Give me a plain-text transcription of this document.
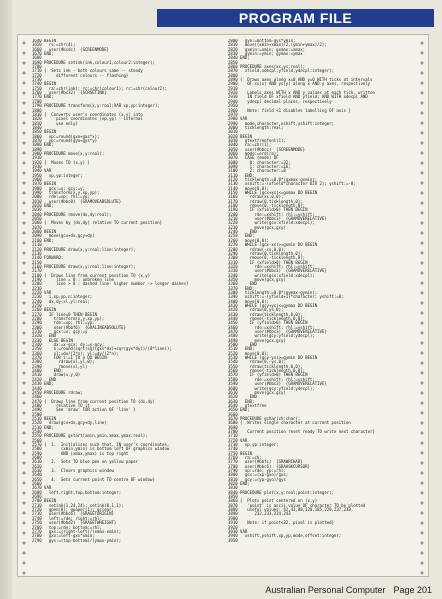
PROGRAM FILE
1640 BEGIN
1650   rs:=chr(4);
1660   user(#bcdc)  {SCREENMODE}
1670 END;
1680
1690 PROCEDURE setink(ink,colour1,colour2:integer);
1700
1710 {  Sets ink - both colours same -- steady
1720      different colours -- flashing}
1730
1740 BEGIN
1750   ra:=chr(ink); rc:=chr(colour1); rc:=chr(colour2);
1760   user(#bc32)  {SCRSETINK}
1770 END;
1780
1790 PROCEDURE transform(x,y:real;VAR xp,yp:integer);
1800
1810 {  Converts user's coordinates (x,y) into
1820      pixel coordinates (xp,yp) - internal
1830      use only}
1840
1850 BEGIN
1860   xp:=round(gxo+gxs*x);
1870   yp:=round(gyo+gys*y)
1880 END;
1890
1900 PROCEDURE move(x,y:real);
1910
1920 {  Moves TO (x,y) }
1930
1940 VAR
1950   xp,yp:integer;
1960
1970 BEGIN
1980   gcx:=x; gcy:=y;
1990   transform(x,y,xp,yp);
2000   rde:=xp; rhl:=yp;
2010   user(#bbc0)  {GRAMOVEABSOLUTE}
2020 END;
2030
2040 PROCEDURE rmove(dx,dy:real);
2050
2060 {  Moves by (dx,dy) relative TO current position}
2070
2080 BEGIN
2090   move(gcx+dx,gcy+dy)
2100 END;
2110
2120 PROCEDURE draw(x,y:real;line:integer);
2130
2140 FORWARD;
2150
2160 PROCEDURE draw(x,y:real;line:integer);
2170
2180 {  Draws line from current position TO (x,y)
2190      line = 0 : unbroken line
2200      line > 0 : dashed line- higher number -> longer dashes}
2210
2220 VAR
2230   i,xp,yp,n:integer;
2240   dx,dy,xl,yl:real;
2250
2260 BEGIN
2270   IF line=0 THEN BEGIN
2280     transform(x,y,xp,yp);
2290     rde:=xp; rhl:=yp;
2300     user(#bbf6)  {GRALINEABSOLUTE}
2310     gcx:=x; gcy:=y
2320   END
2330   ELSE BEGIN
2340     dx:=x-gcx; dy:=y-gcy;
2350     n:=round(sqrt(sqr(gxs*dx)+sqr(gys*dy))/(8*line));
2360     xl:=dx/(2*n); yl:=dy/(2*n);
2370     FOR i:=1 TO n DO BEGIN
2380       rdraw(xl,yl,0);
2390       rmove(xl,yl)
2400     END;
2410     draw(x,y,0)
2420   END
2430 END;
2440
2450 PROCEDURE rdraw;
2460
2470 {  Draws line from current position TO (dx,dy)
2480      relative TO it
2490      See 'draw' FOR action OF 'line' }
2500
2510 BEGIN
2520   draw(gcx+dx,gcy+dy,line)
2530 END;
2540
2550 PROCEDURE gstart(xmin,ymin,xmax,ymax:real);
2560
2570 {  1.  Initialises such that, IN user's coordinates,
2580        (xmin,ymin) is bottom left OF graphics window
2590        AND (xmax,ymax) is top right
2600
2610    2.  Sets TO blue pen on yellow paper
2620
2630    3.  Clears graphics window
2640
2650    4.  Sets current point TO centre OF window}
2660
2670 VAR
2680   left,right,top,bottom:integer;
2690
2700 BEGIN
2710   setink(1,24,24); setink(0,1,1);
2720   gpen(0); gpaper(1); gclear;
2730   user(#bbc6)  {GRAGETORIGIN}
2740   left:=rde; right:=rhl;
2750   user(#bbd2)  {GRAGETWHEIGHT}
2760   top:=rde; bottom:=rhl;
2770   gxs:=(right-left)/(xmax-xmin);
2780   gxo:=left-gxs*xmin;
2790   gys:=(top-bottom)/(ymax-ymin);
2800   gyo:=bottom-gys*ymin;
2810   move((xmin+xmax)/2,(ymin+ymax)/2);
2820   gxmin:=xmin; gxmax:=xmax;
2830   gymin:=ymin; gymax:=ymax
2840 END;
2850
2860 PROCEDURE axes(xs,ys:real);
2870   xfield,xdecpl,yfield,ydecpl:integer);
2880
2890 {  Draws axes along x=0 AND y=0 WITH ticks at intervals
2900    OF xs(x) AND ys(y) along x AND y axes, respectively
2910
2920    Labels axes WITH x AND y values at each tick, written
2930    IN field OF xfield AND yfield; AND WITH xdecpl AND
2940    ydecpl decimal places, respectively
2950
2960    Note: field <1 disables labelling OF axis }
2970
2980 VAR
2990   mode,character,xshift,yshift:integer;
3000   ticklength:real;
3010
3020 BEGIN
3030   gtextfreefont(1);
3040   ra:=chr(1);
3050   user(#bbcc)  {SCREENMODE}
3060   mode:=ord(ra);
3070   CASE (mode) OF
3080     0: character:=32;
3090     1: character:=16;
3100     2: character:=8
3110   END;
3120   ticklength:=8.0*(gxmax-gxmin);
3130   xshift:=-(xfield*character DIV 2); yshift:=-8;
3140   move(0,0);
3150   WHILE (gcx+xs)<=gxmax DO BEGIN
3160     rdraw(xs,0,0);
3170     rdraw(0,ticklength,0);
3180     rmove(0,-ticklength,0);
3190     IF (xfield>0) THEN BEGIN
3200       rde:=xshift; rhl:=yshift;
3210       user(#bbc3)  {GRAMOVERELATIVE}
3220       write(gcx:xfield:xdecpl);
3230       move(gcx,gcy)
3240     END
3250   END;
3260   move(0,0);
3270   WHILE (gcx-xs)>=gxmin DO BEGIN
3280     rdraw(-xs,0,0);
3290     rdraw(0,ticklength,0);
3300     rmove(0,-ticklength,0);
3310     IF (xfield>0) THEN BEGIN
3320       rde:=xshift; rhl:=yshift;
3330       user(#bbc3)  {GRAMOVERELATIVE}
3340       write(gcx:xfield:xdecpl);
3350       move(gcx,gcy)
3360     END
3370   END;
3380   ticklength:=8.0*(gymax-gymin);
3390   xshift:=-(yfield+1)*character; yshift:=8;
3400   move(0,0);
3410   WHILE (gcy+ys)<=gymax DO BEGIN
3420     rdraw(0,ys,0);
3430     rdraw(ticklength,0,0);
3440     rmove(-ticklength,0,0);
3450     IF (yfield>0) THEN BEGIN
3460       rde:=xshift; rhl:=yshift;
3470       user(#bbc3)  {GRAMOVERELATIVE}
3480       write(gcy:yfield:ydecpl);
3490       move(gcx,gcy)
3500     END
3510   END;
3520   move(0,0);
3530   WHILE (gcy-ys)>=gymin DO BEGIN
3540     rdraw(0,-ys,0);
3550     rdraw(ticklength,0,0);
3560     rmove(-ticklength,0,0);
3570     IF (yfield>0) THEN BEGIN
3580       rde:=xshift; rhl:=yshift;
3590       user(#bbc3)  {GRAMOVERELATIVE}
3600       write(gcy:yfield:ydecpl);
3610       move(gcx,gcy)
3620     END
3630   END;
3640   gtextfree
3650 END;
3660
3670 PROCEDURE gchar(ch:char);
3680 {  Writes single character at current position
3690
3700    Current position reset ready TO write next character}
3710
3720 VAR
3730   xp,yp:integer;
3740
3750 BEGIN
3760   ra:=ch;
3770   user(#bbfc)  {GRAWRCHAR}
3780   user(#bbc6)  {GRAASKCURSOR}
3790   xp:=rde; yp:=rhl;
3800   gcx:=(xp-gxo)/gxs;
3810   gcy:=(yp-gyo)/gys
3820 END;
3830
3840 PROCEDURE plot(x,y:real;point:integer);
3850
3860 {  Plots point centered on (x,y)
3870    'point' is ascii value OF character TO be plotted
3880    useful values: 42,43,88,120,185,229,237,238,
3890       232,233,234,243
3900
3910    Note: if point<32, pixel is plotted}
3920
3930 VAR
3940   xshift,yshift,xp,yp,mode,offset:integer;
3950
Australian Personal Computer Page 201
